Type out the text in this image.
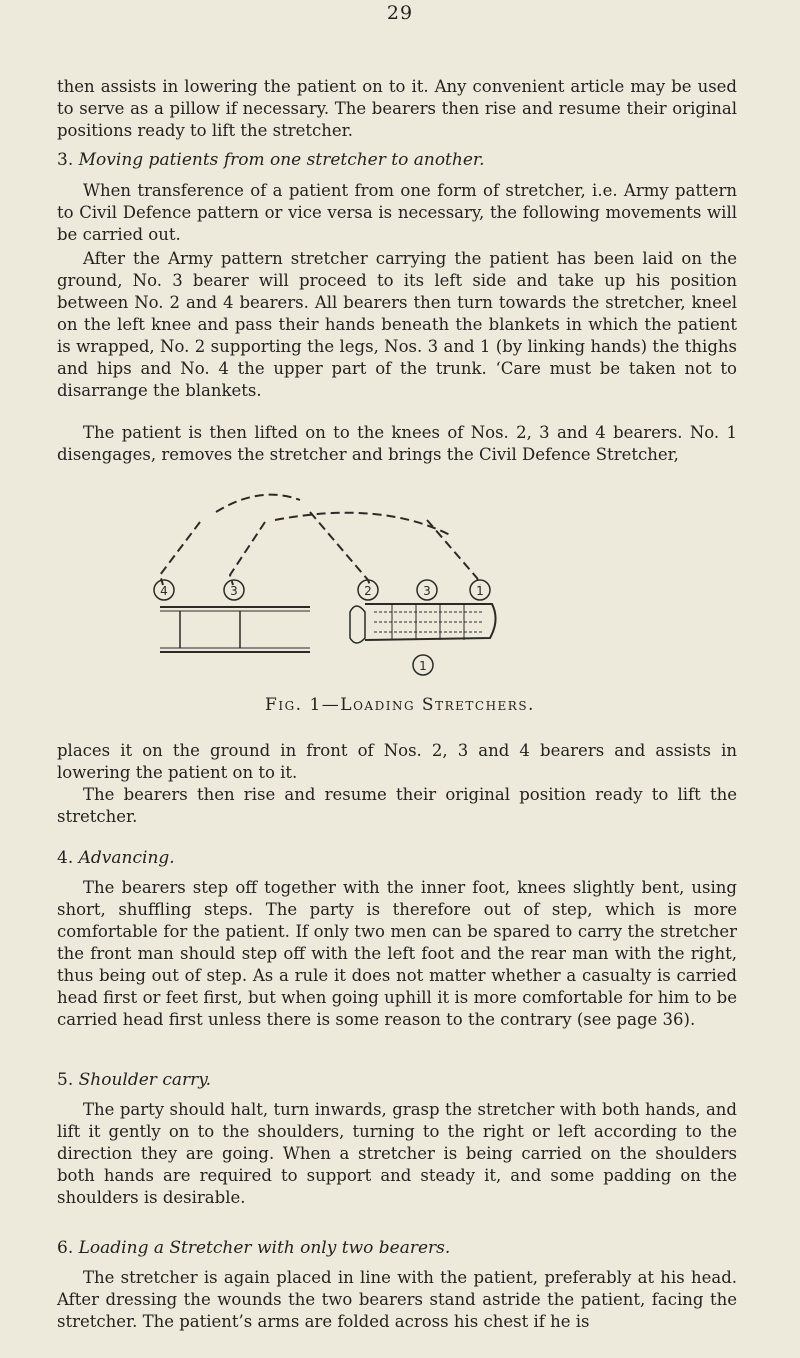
29

then assists in lowering the patient on to it. Any convenient article may be used to serve as a pillow if necessary. The bearers then rise and resume their original positions ready to lift the stretcher.

3. Moving patients from one stretcher to another.

When transference of a patient from one form of stretcher, i.e. Army pattern to Civil Defence pattern or vice versa is necessary, the following movements will be carried out.

After the Army pattern stretcher carrying the patient has been laid on the ground, No. 3 bearer will proceed to its left side and take up his position between No. 2 and 4 bearers. All bearers then turn towards the stretcher, kneel on the left knee and pass their hands beneath the blankets in which the patient is wrapped, No. 2 supporting the legs, Nos. 3 and 1 (by linking hands) the thighs and hips and No. 4 the upper part of the trunk. ‘Care must be taken not to disarrange the blankets.

The patient is then lifted on to the knees of Nos. 2, 3 and 4 bearers. No. 1 disengages, removes the stretcher and brings the Civil Defence Stretcher,

4	3	2	3	1
1
Fig. 1—Loading Stretchers.

places it on the ground in front of Nos. 2, 3 and 4 bearers and assists in lowering the patient on to it.

The bearers then rise and resume their original position ready to lift the stretcher.

4. Advancing.

The bearers step off together with the inner foot, knees slightly bent, using short, shuffling steps. The party is therefore out of step, which is more comfortable for the patient. If only two men can be spared to carry the stretcher the front man should step off with the left foot and the rear man with the right, thus being out of step. As a rule it does not matter whether a casualty is carried head first or feet first, but when going uphill it is more comfortable for him to be carried head first unless there is some reason to the contrary (see page 36).

5. Shoulder carry.

The party should halt, turn inwards, grasp the stretcher with both hands, and lift it gently on to the shoulders, turning to the right or left according to the direction they are going. When a stretcher is being carried on the shoulders both hands are required to support and steady it, and some padding on the shoulders is desirable.

6. Loading a Stretcher with only two bearers.

The stretcher is again placed in line with the patient, preferably at his head. After dressing the wounds the two bearers stand astride the patient, facing the stretcher. The patient’s arms are folded across his chest if he is
